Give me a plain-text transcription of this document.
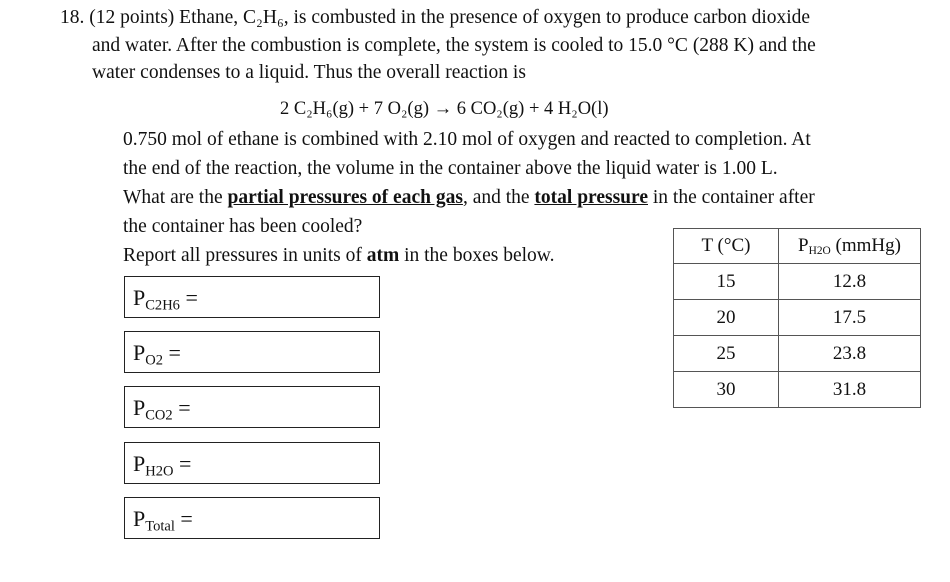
18. (12 points) Ethane, C₂H₆, is combusted in the presence of oxygen to produce carbon dioxide
and water. After the combustion is complete, the system is cooled to 15.0 °C (288 K) and the
water condenses to a liquid. Thus the overall reaction is
2 C₂H₆(g) + 7 O₂(g) → 6 CO₂(g) + 4 H₂O(l)
0.750 mol of ethane is combined with 2.10 mol of oxygen and reacted to completion. At
the end of the reaction, the volume in the container above the liquid water is 1.00 L.
What are the partial pressures of each gas, and the total pressure in the container after
the container has been cooled?
Report all pressures in units of atm in the boxes below.
$P_{C2H6}$ =
$P_{O2}$ =
$P_{CO2}$ =
$P_{H2O}$ =
$P_{Total}$ =
T (°C)	$P_{H2O}$ (mmHg)
15	12.8
20	17.5
25	23.8
30	31.8
